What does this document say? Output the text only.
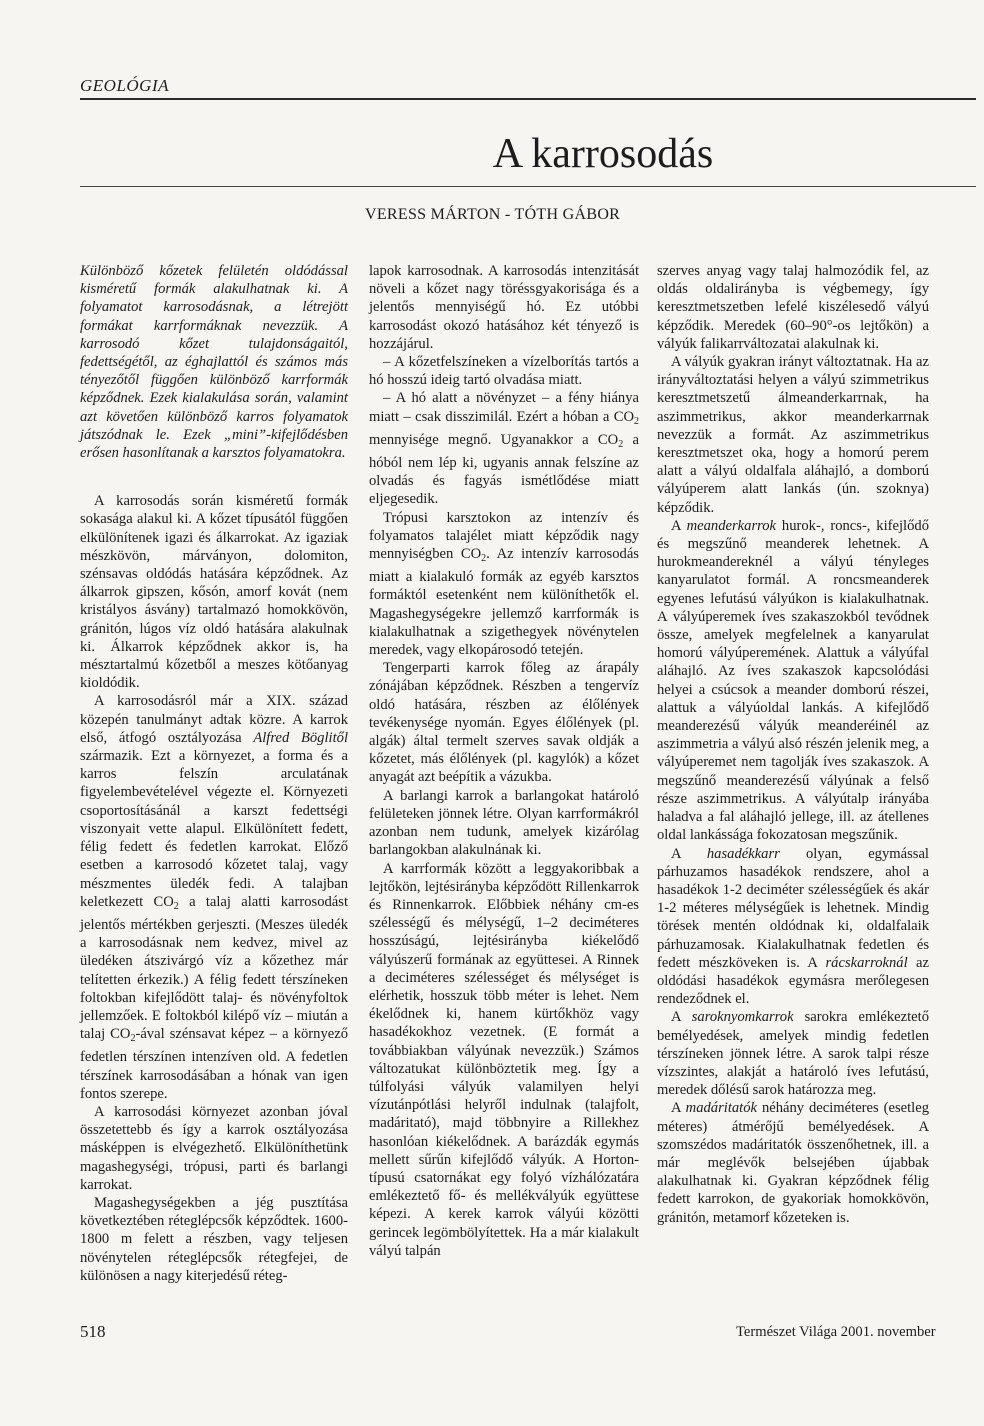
GEOLÓGIA
A karrosodás
VERESS MÁRTON - TÓTH GÁBOR

Különböző kőzetek felületén oldódással kisméretű formák alakulhatnak ki. A folyamatot karrosodásnak, a létrejött formákat karrformáknak nevezzük. A karrosodó kőzet tulajdonságaitól, fedettségétől, az éghajlattól és számos más tényezőtől függően különböző karrformák képződnek. Ezek kialakulása során, valamint azt követően különböző karros folyamatok játszódnak le. Ezek „mini”-kifejlődésben erősen hasonlítanak a karsztos folyamatokra.

A karrosodás során kisméretű formák sokasága alakul ki. A kőzet típusától függően elkülönítenek igazi és álkarrokat. Az igaziak mészkövön, márványon, dolomiton, szénsavas oldódás hatására képződnek. Az álkarrok gipszen, kősón, amorf kovát (nem kristályos ásvány) tartalmazó homokkövön, gránitón, lúgos víz oldó hatására alakulnak ki. Álkarrok képződnek akkor is, ha mésztartalmú kőzetből a meszes kötőanyag kioldódik.

A karrosodásról már a XIX. század közepén tanulmányt adtak közre. A karrok első, átfogó osztályozása Alfred Böglitől származik. Ezt a környezet, a forma és a karros felszín arculatának figyelembevételével végezte el. Környezeti csoportosításánál a karszt fedettségi viszonyait vette alapul. Elkülönített fedett, félig fedett és fedetlen karrokat. Előző esetben a karrosodó kőzetet talaj, vagy mészmentes üledék fedi. A talajban keletkezett $CO_2$ a talaj alatti karrosodást jelentős mértékben gerjeszti. (Meszes üledék a karrosodásnak nem kedvez, mivel az üledéken átszivárgó víz a kőzethez már telítetten érkezik.) A félig fedett térszíneken foltokban kifejlődött talaj- és növényfoltok jellemzőek. E foltokból kilépő víz – miután a talaj $CO_2$-ával szénsavat képez – a környező fedetlen térszínen intenzíven old. A fedetlen térszínek karrosodásában a hónak van igen fontos szerepe.

A karrosodási környezet azonban jóval összetettebb és így a karrok osztályozása másképpen is elvégezhető. Elkülöníthetünk magashegységi, trópusi, parti és barlangi karrokat.

Magashegységekben a jég pusztítása következtében réteglépcsők képződtek. 1600-1800 m felett a részben, vagy teljesen növénytelen réteglépcsők rétegfejei, de különösen a nagy kiterjedésű réteg-

lapok karrosodnak. A karrosodás intenzitását növeli a kőzet nagy töréssgyakorisága és a jelentős mennyiségű hó. Ez utóbbi karrosodást okozó hatásához két tényező is hozzájárul.

– A kőzetfelszíneken a vízelborítás tartós a hó hosszú ideig tartó olvadása miatt.

– A hó alatt a növényzet – a fény hiánya miatt – csak disszimilál. Ezért a hóban a $CO_2$ mennyisége megnő. Ugyanakkor a $CO_2$ a hóból nem lép ki, ugyanis annak felszíne az olvadás és fagyás ismétlődése miatt eljegesedik.

Trópusi karsztokon az intenzív és folyamatos talajélet miatt képződik nagy mennyiségben $CO_2$. Az intenzív karrosodás miatt a kialakuló formák az egyéb karsztos formáktól esetenként nem különíthetők el. Magashegységekre jellemző karrformák is kialakulhatnak a szigethegyek növénytelen meredek, vagy elkopárosodó tetején.

Tengerparti karrok főleg az árapály zónájában képződnek. Részben a tengervíz oldó hatására, részben az élőlények tevékenysége nyomán. Egyes élőlények (pl. algák) által termelt szerves savak oldják a kőzetet, más élőlények (pl. kagylók) a kőzet anyagát azt beépítik a vázukba.

A barlangi karrok a barlangokat határoló felületeken jönnek létre. Olyan karrformákról azonban nem tudunk, amelyek kizárólag barlangokban alakulnának ki.

A karrformák között a leggyakoribbak a lejtőkön, lejtésirányba képződött Rillenkarrok és Rinnenkarrok. Előbbiek néhány cm-es szélességű és mélységű, 1–2 deciméteres hosszúságú, lejtésirányba kiékelődő vályúszerű formának az együttesei. A Rinnek a deciméteres szélességet és mélységet is elérhetik, hosszuk több méter is lehet. Nem ékelődnek ki, hanem kürtőkhöz vagy hasadékokhoz vezetnek. (E formát a továbbiakban vályúnak nevezzük.) Számos változatukat különböztetik meg. Így a túlfolyási vályúk valamilyen helyi vízutánpótlási helyről indulnak (talajfolt, madáritató), majd többnyire a Rillekhez hasonlóan kiékelődnek. A barázdák egymás mellett sűrűn kifejlődő vályúk. A Horton-típusú csatornákat egy folyó vízhálózatára emlékeztető fő- és mellékvályúk együttese képezi. A kerek karrok vályúi közötti gerincek legömbölyítettek. Ha a már kialakult vályú talpán

szerves anyag vagy talaj halmozódik fel, az oldás oldalirányba is végbemegy, így keresztmetszetben lefelé kiszélesedő vályú képződik. Meredek (60–90°-os lejtőkön) a vályúk falikarrváltozatai alakulnak ki.

A vályúk gyakran irányt változtatnak. Ha az irányváltoztatási helyen a vályú szimmetrikus keresztmetszetű álmeanderkarrnak, ha aszimmetrikus, akkor meanderkarrnak nevezzük a formát. Az aszimmetrikus keresztmetszet oka, hogy a homorú perem alatt a vályú oldalfala aláhajló, a domború vályúperem alatt lankás (ún. szoknya) képződik.

A meanderkarrok hurok-, roncs-, kifejlődő és megszűnő meanderek lehetnek. A hurokmeandereknél a vályú tényleges kanyarulatot formál. A roncsmeanderek egyenes lefutású vályúkon is kialakulhatnak. A vályúperemek íves szakaszokból tevődnek össze, amelyek megfelelnek a kanyarulat homorú vályúperemének. Alattuk a vályúfal aláhajló. Az íves szakaszok kapcsolódási helyei a csúcsok a meander domború részei, alattuk a vályúoldal lankás. A kifejlődő meanderezésű vályúk meanderéinél az aszimmetria a vályú alsó részén jelenik meg, a vályúperemet nem tagolják íves szakaszok. A megszűnő meanderezésű vályúnak a felső része aszimmetrikus. A vályútalp irányába haladva a fal aláhajló jellege, ill. az átellenes oldal lankássága fokozatosan megszűnik.

A hasadékkarr olyan, egymással párhuzamos hasadékok rendszere, ahol a hasadékok 1-2 deciméter szélességűek és akár 1-2 méteres mélységűek is lehetnek. Mindig törések mentén oldódnak ki, oldalfalaik párhuzamosak. Kialakulhatnak fedetlen és fedett mészköveken is. A rácskarroknál az oldódási hasadékok egymásra merőlegesen rendeződnek el.

A saroknyomkarrok sarokra emlékeztető bemélyedések, amelyek mindig fedetlen térszíneken jönnek létre. A sarok talpi része vízszintes, alakját a határoló íves lefutású, meredek dőlésű sarok határozza meg.

A madáritatók néhány deciméteres (esetleg méteres) átmérőjű bemélyedések. A szomszédos madáritatók összenőhetnek, ill. a már meglévők belsejében újabbak alakulhatnak ki. Gyakran képződnek félig fedett karrokon, de gyakoriak homokkövön, gránitón, metamorf kőzeteken is.

518	Természet Világa 2001. november
